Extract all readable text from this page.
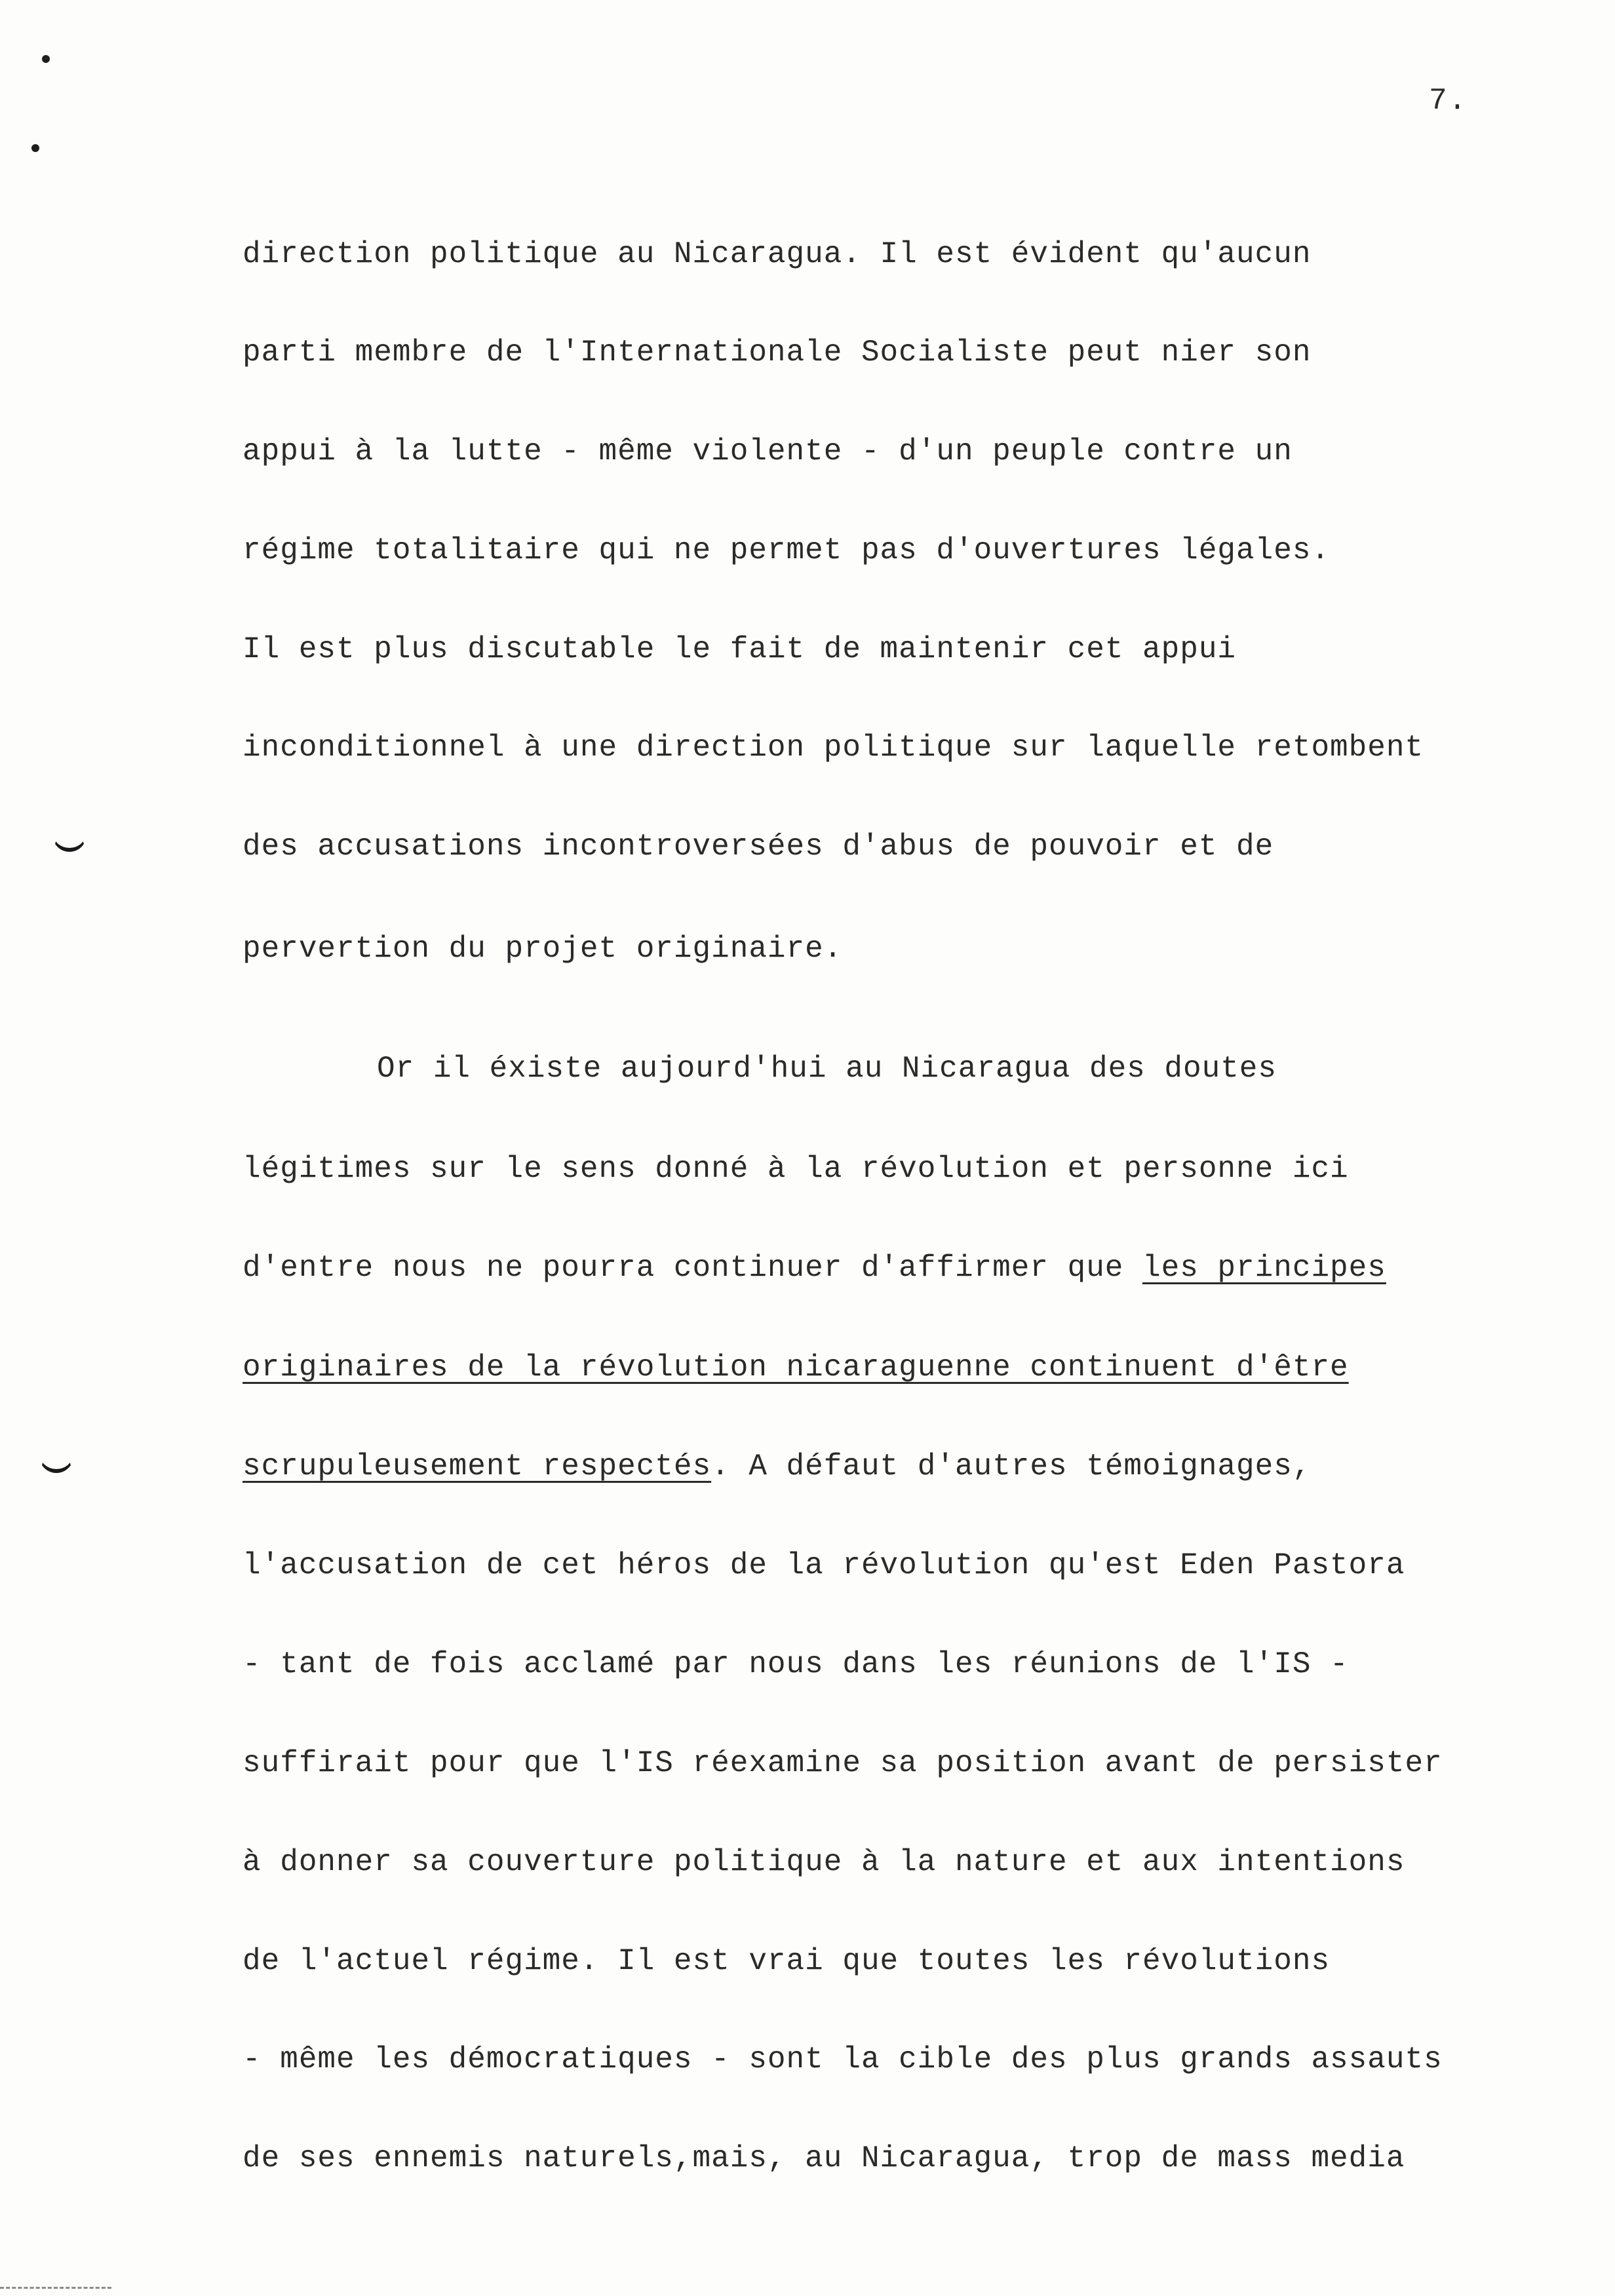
7.
direction politique au Nicaragua. Il est évident qu'aucun
parti membre de l'Internationale Socialiste peut nier son
appui à la lutte - même violente - d'un peuple contre un
régime totalitaire qui ne permet pas d'ouvertures légales.
Il est plus discutable le fait de maintenir cet appui
inconditionnel à une direction politique sur laquelle retombent
des accusations incontroversées d'abus de pouvoir et de
pervertion du projet originaire.
Or il éxiste aujourd'hui au Nicaragua des doutes
légitimes sur le sens donné à la révolution et personne ici
d'entre nous ne pourra continuer d'affirmer que les principes
originaires de la révolution nicaraguenne continuent d'être
scrupuleusement respectés. A défaut d'autres témoignages,
l'accusation de cet héros de la révolution qu'est Eden Pastora
- tant de fois acclamé par nous dans les réunions de l'IS -
suffirait pour que l'IS réexamine sa position avant de persister
à donner sa couverture politique à la nature et aux intentions
de l'actuel régime. Il est vrai que toutes les révolutions
- même les démocratiques - sont la cible des plus grands assauts
de ses ennemis naturels,mais, au Nicaragua, trop de mass media
